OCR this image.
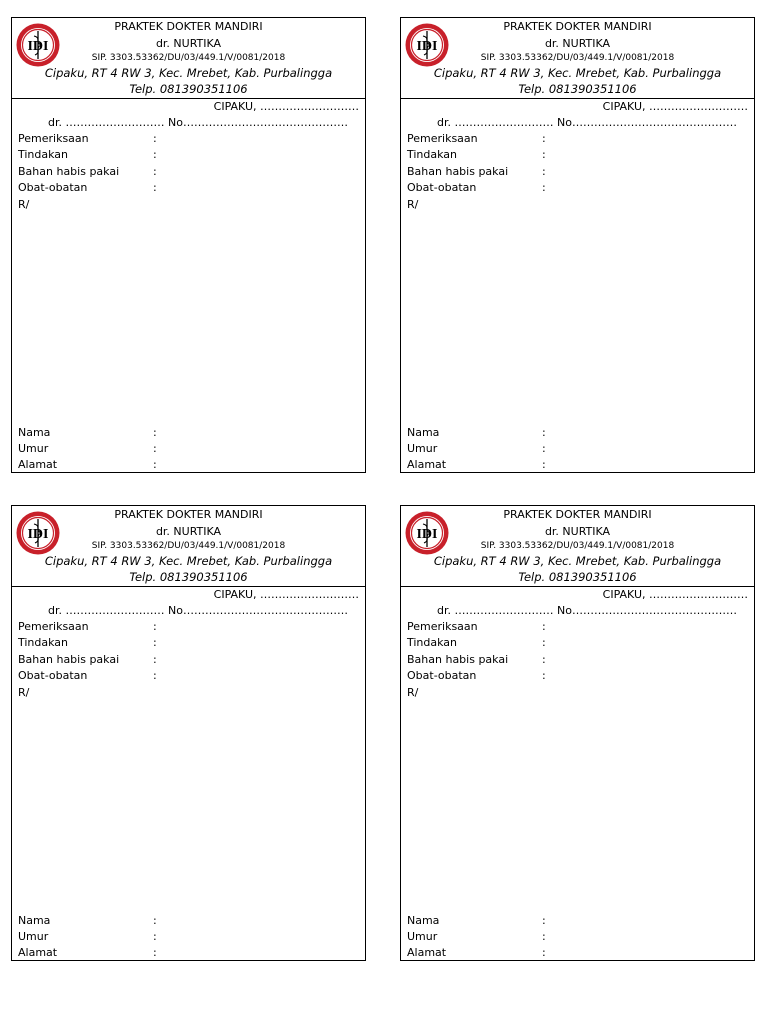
IDI
PRAKTEK DOKTER MANDIRI
dr. NURTIKA
SIP. 3303.53362/DU/03/449.1/V/0081/2018
Cipaku, RT 4 RW 3, Kec. Mrebet, Kab. Purbalingga
Telp. 081390351106
CIPAKU, ………………………
dr. ……………………… No………………………………………
Pemeriksaan	:
Tindakan	:
Bahan habis pakai	:
Obat-obatan	:
R/
Nama	:
Umur	:
Alamat	:
IDI
PRAKTEK DOKTER MANDIRI
dr. NURTIKA
SIP. 3303.53362/DU/03/449.1/V/0081/2018
Cipaku, RT 4 RW 3, Kec. Mrebet, Kab. Purbalingga
Telp. 081390351106
CIPAKU, ………………………
dr. ……………………… No………………………………………
Pemeriksaan	:
Tindakan	:
Bahan habis pakai	:
Obat-obatan	:
R/
Nama	:
Umur	:
Alamat	:
IDI
PRAKTEK DOKTER MANDIRI
dr. NURTIKA
SIP. 3303.53362/DU/03/449.1/V/0081/2018
Cipaku, RT 4 RW 3, Kec. Mrebet, Kab. Purbalingga
Telp. 081390351106
CIPAKU, ………………………
dr. ……………………… No………………………………………
Pemeriksaan	:
Tindakan	:
Bahan habis pakai	:
Obat-obatan	:
R/
Nama	:
Umur	:
Alamat	:
IDI
PRAKTEK DOKTER MANDIRI
dr. NURTIKA
SIP. 3303.53362/DU/03/449.1/V/0081/2018
Cipaku, RT 4 RW 3, Kec. Mrebet, Kab. Purbalingga
Telp. 081390351106
CIPAKU, ………………………
dr. ……………………… No………………………………………
Pemeriksaan	:
Tindakan	:
Bahan habis pakai	:
Obat-obatan	:
R/
Nama	:
Umur	:
Alamat	:
